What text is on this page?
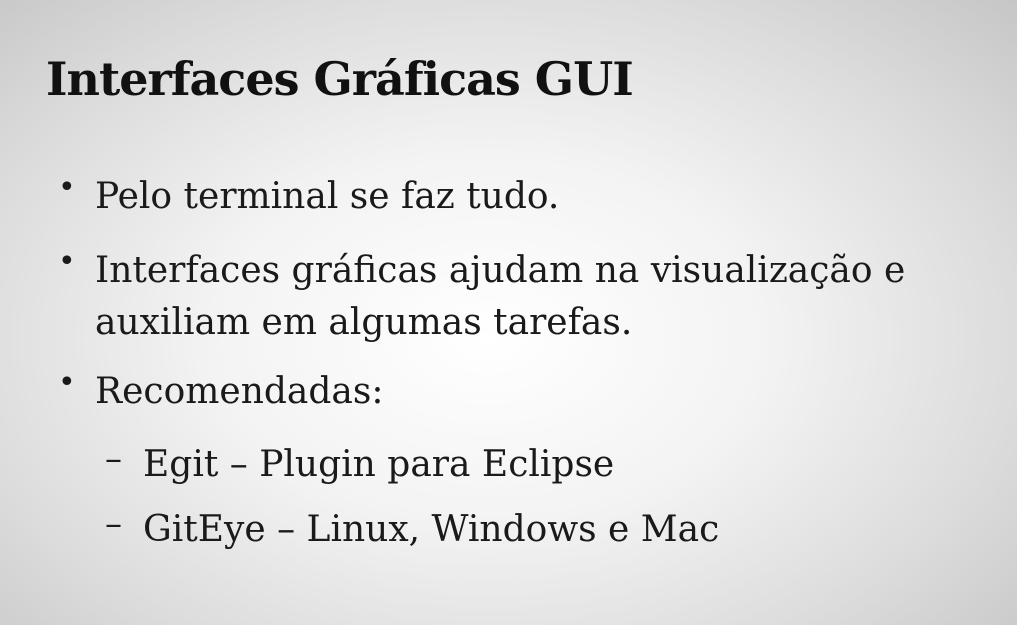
Interfaces Gráficas GUI
• Pelo terminal se faz tudo.
• Interfaces gráficas ajudam na visualização e auxiliam em algumas tarefas.
• Recomendadas:
– Egit – Plugin para Eclipse
– GitEye – Linux, Windows e Mac
